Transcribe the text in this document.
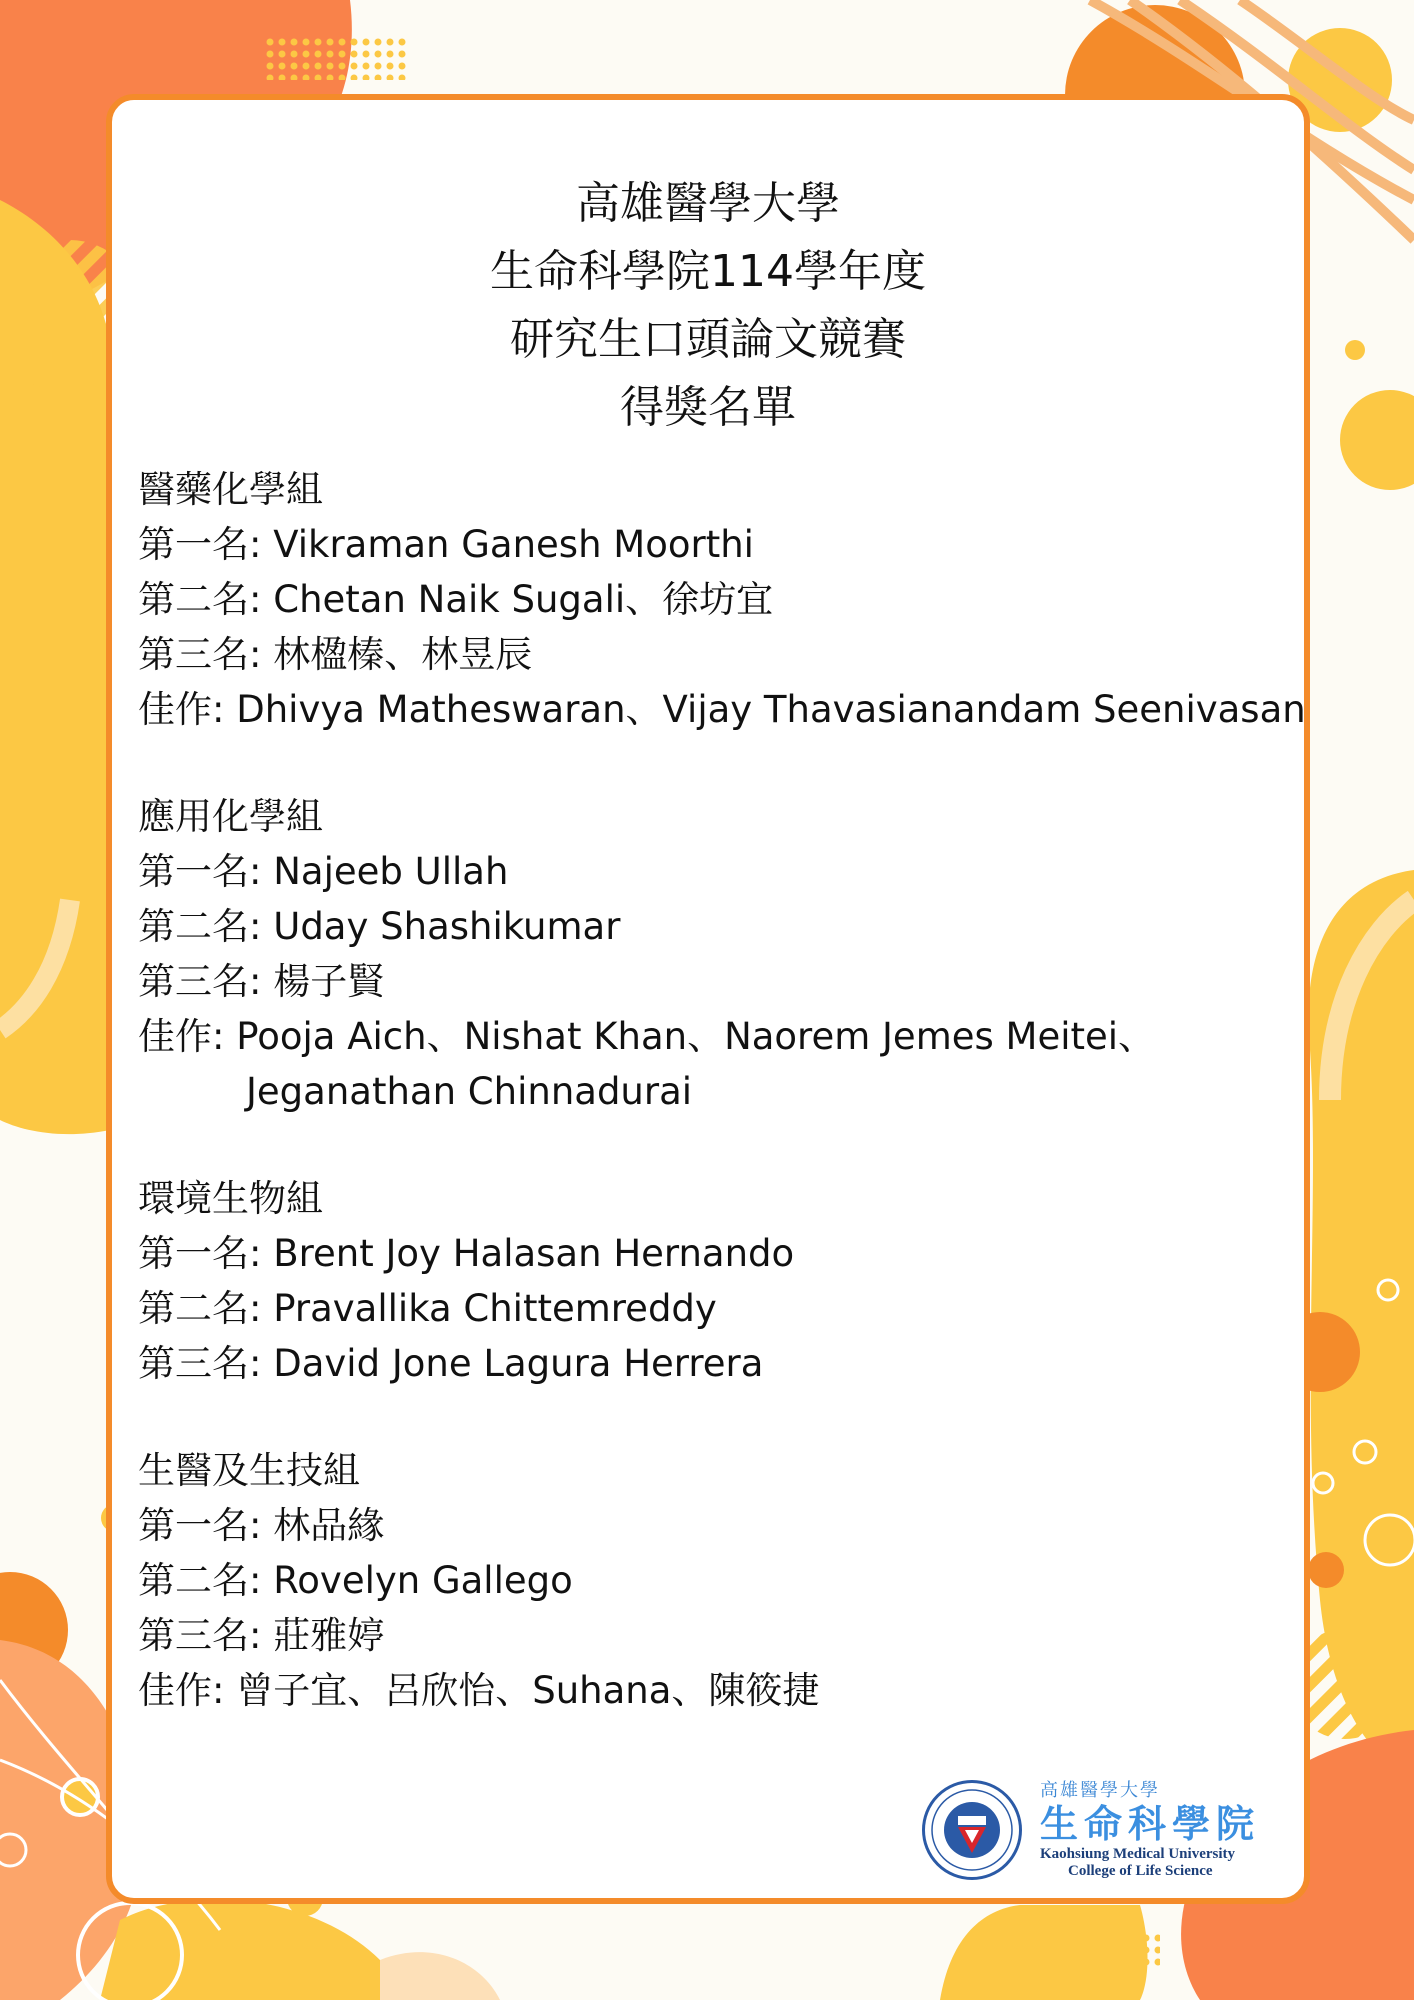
高雄醫學大學
生命科學院114學年度
研究生口頭論文競賽
得獎名單
醫藥化學組
第一名: Vikraman Ganesh Moorthi
第二名: Chetan Naik Sugali、徐坊宜
第三名: 林楹榛、林昱辰
佳作: Dhivya Matheswaran、Vijay Thavasianandam Seenivasan
應用化學組
第一名: Najeeb Ullah
第二名: Uday Shashikumar
第三名: 楊子賢
佳作: Pooja Aich、Nishat Khan、Naorem Jemes Meitei、
Jeganathan Chinnadurai
環境生物組
第一名: Brent Joy Halasan Hernando
第二名: Pravallika Chittemreddy
第三名: David Jone Lagura Herrera
生醫及生技組
第一名: 林品緣
第二名: Rovelyn Gallego
第三名: 莊雅婷
佳作: 曾子宜、呂欣怡、Suhana、陳筱捷
高雄醫學大學
生命科學院
Kaohsiung Medical University
College of Life Science
